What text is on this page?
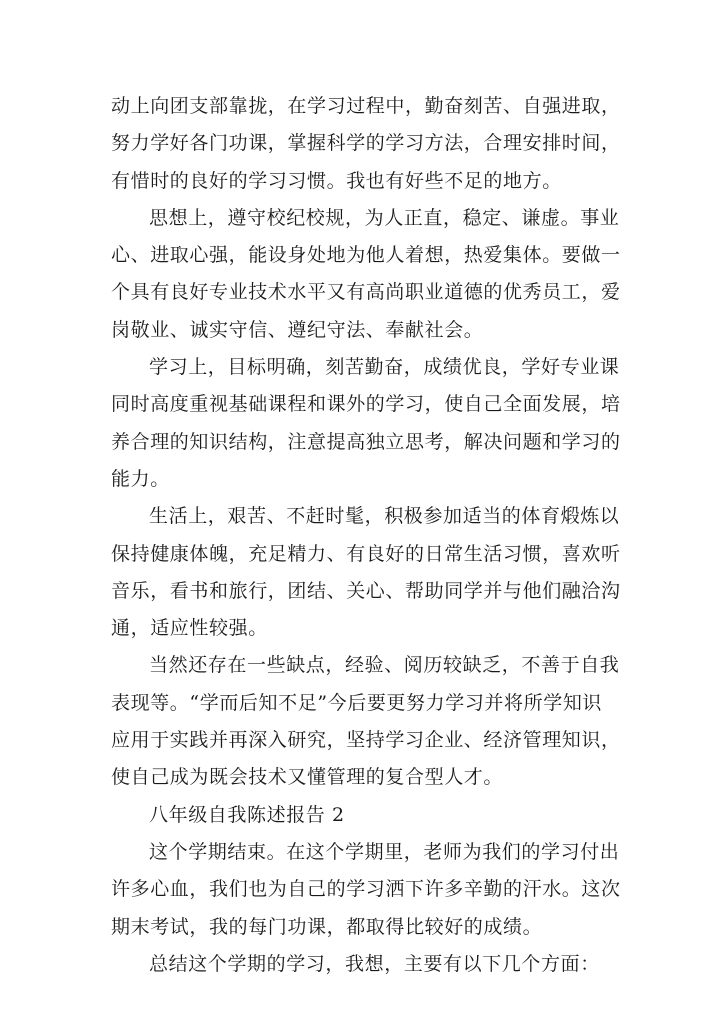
动上向团支部靠拢，在学习过程中，勤奋刻苦、自强进取，
努力学好各门功课，掌握科学的学习方法，合理安排时间，
有惜时的良好的学习习惯。我也有好些不足的地方。

思想上，遵守校纪校规，为人正直，稳定、谦虚。事业
心、进取心强，能设身处地为他人着想，热爱集体。要做一
个具有良好专业技术水平又有高尚职业道德的优秀员工，爱
岗敬业、诚实守信、遵纪守法、奉献社会。

学习上，目标明确，刻苦勤奋，成绩优良，学好专业课
同时高度重视基础课程和课外的学习，使自己全面发展，培
养合理的知识结构，注意提高独立思考，解决问题和学习的
能力。

生活上，艰苦、不赶时髦，积极参加适当的体育煅炼以
保持健康体魄，充足精力、有良好的日常生活习惯，喜欢听
音乐，看书和旅行，团结、关心、帮助同学并与他们融洽沟
通，适应性较强。

当然还存在一些缺点，经验、阅历较缺乏，不善于自我
表现等。“学而后知不足”今后要更努力学习并将所学知识
应用于实践并再深入研究，坚持学习企业、经济管理知识，
使自己成为既会技术又懂管理的复合型人才。

八年级自我陈述报告 2

这个学期结束。在这个学期里，老师为我们的学习付出
许多心血，我们也为自己的学习洒下许多辛勤的汗水。这次
期末考试，我的每门功课，都取得比较好的成绩。

总结这个学期的学习，我想，主要有以下几个方面：
